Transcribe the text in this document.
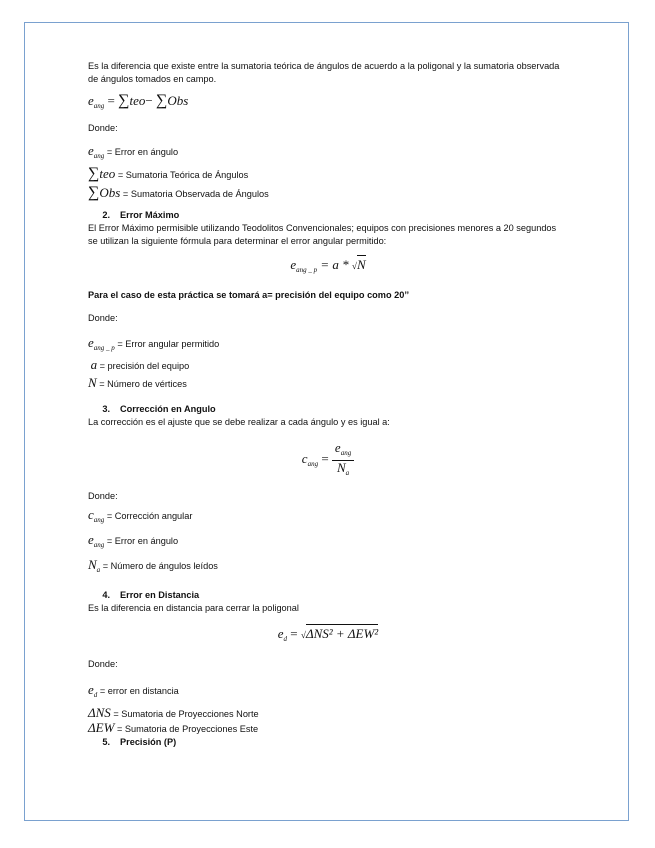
Es la diferencia que existe entre la sumatoria teórica de ángulos de acuerdo a la poligonal y la sumatoria observada de ángulos tomados en campo.

$e_{ang} = \sum teo- \sum Obs$

Donde:

$e_{ang}$ = Error en ángulo

∑teo = Sumatoria Teórica de Ángulos

∑Obs = Sumatoria Observada de Ángulos

2. Error Máximo

El Error Máximo permisible utilizando Teodolitos Convencionales; equipos con precisiones menores a 20 segundos se utilizan la siguiente fórmula para determinar el error angular permitido:

$e_{ang \_ p} = a * √N$

Para el caso de esta práctica se tomará a= precisión del equipo como 20’’

Donde:

$e_{ang \_ p}$ = Error angular permitido

a = precisión del equipo

N = Número de vértices

3. Corrección en Angulo

La corrección es el ajuste que se debe realizar a cada ángulo y es igual a:

$c_{ang} = \frac{e_{ang}}{N_a}$

Donde:

$c_{ang}$ = Corrección angular

$e_{ang}$ = Error en ángulo

$N_a$ = Número de ángulos leídos

4. Error en Distancia

Es la diferencia en distancia para cerrar la poligonal

$e_d = √\Delta NS^2 + \Delta EW^2$

Donde:

$e_d$ = error en distancia

ΔNS = Sumatoria de Proyecciones Norte

ΔEW = Sumatoria de Proyecciones Este

5. Precisión (P)
